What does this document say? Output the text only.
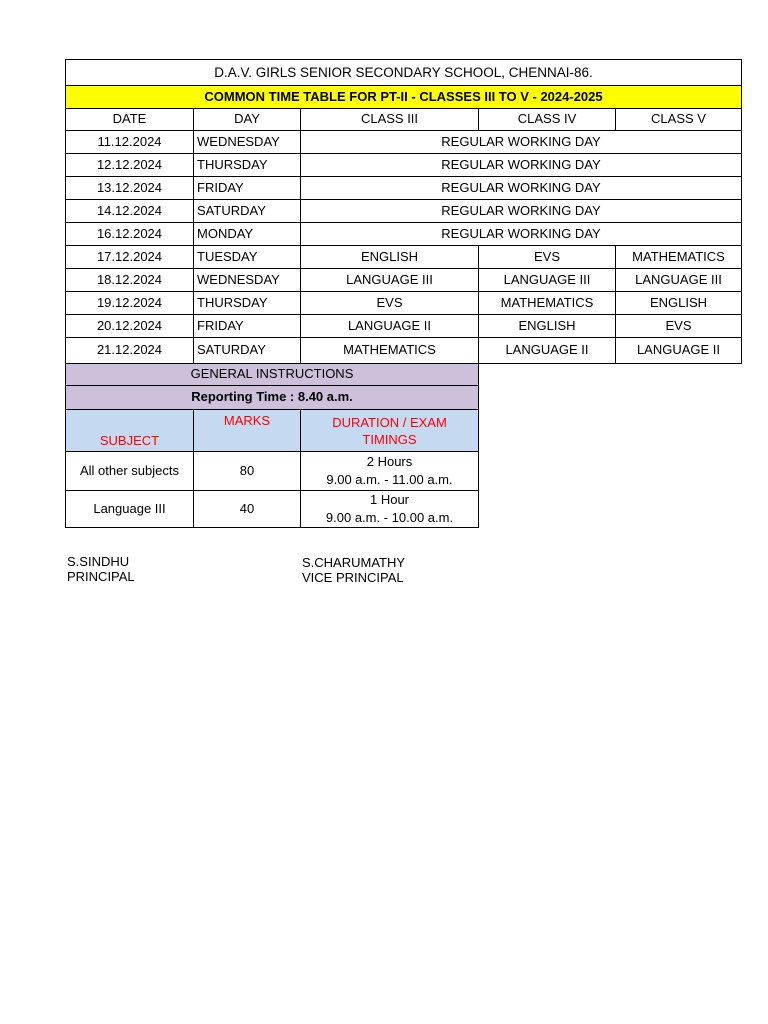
D.A.V. GIRLS SENIOR SECONDARY SCHOOL, CHENNAI-86.				
COMMON TIME TABLE FOR PT-II - CLASSES III TO V - 2024-2025				
DATE	DAY	CLASS III	CLASS IV	CLASS V
11.12.2024	WEDNESDAY	REGULAR WORKING DAY		
12.12.2024	THURSDAY	REGULAR WORKING DAY		
13.12.2024	FRIDAY	REGULAR WORKING DAY		
14.12.2024	SATURDAY	REGULAR WORKING DAY		
16.12.2024	MONDAY	REGULAR WORKING DAY		
17.12.2024	TUESDAY	ENGLISH	EVS	MATHEMATICS
18.12.2024	WEDNESDAY	LANGUAGE III	LANGUAGE III	LANGUAGE III
19.12.2024	THURSDAY	EVS	MATHEMATICS	ENGLISH
20.12.2024	FRIDAY	LANGUAGE II	ENGLISH	EVS
21.12.2024	SATURDAY	MATHEMATICS	LANGUAGE II	LANGUAGE II
GENERAL INSTRUCTIONS				
Reporting Time : 8.40 a.m.				
SUBJECT	MARKS	DURATION / EXAM TIMINGS		
All other subjects	80	2 Hours
9.00 a.m. - 11.00 a.m.		

Language III	40	1 Hour
9.00 a.m. - 10.00 a.m.		

S.SINDHU
PRINCIPAL
S.CHARUMATHY
VICE PRINCIPAL
